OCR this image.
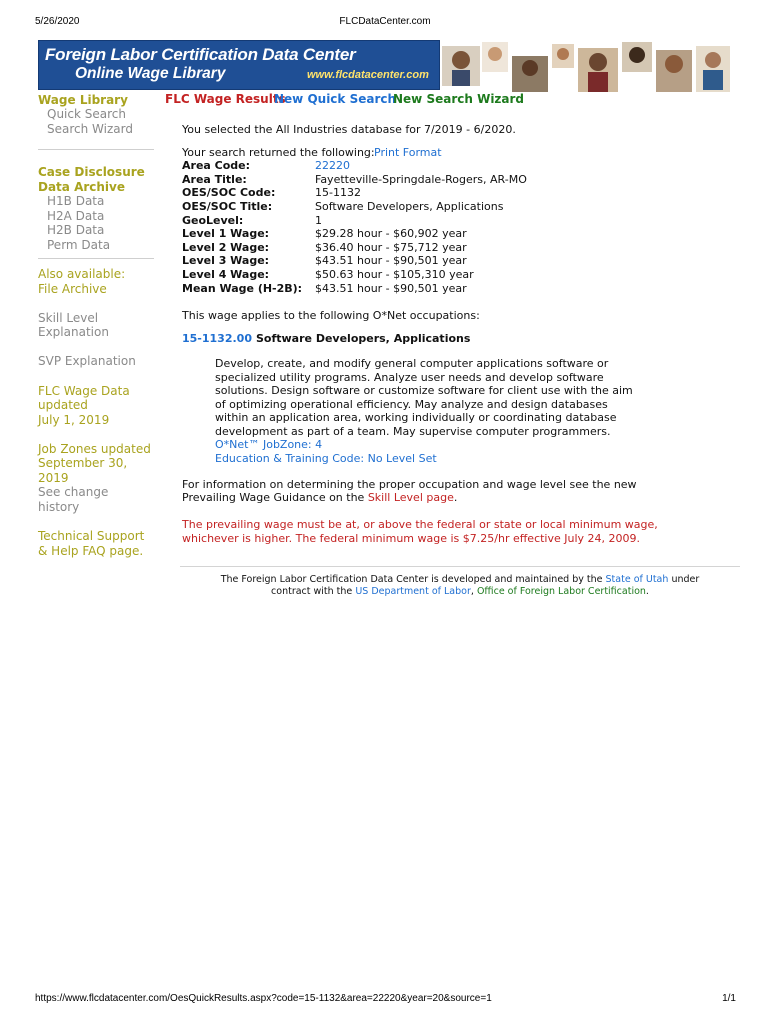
5/26/2020	FLCDataCenter.com
Foreign Labor Certification Data Center
Online Wage Library	www.flcdatacenter.com
Wage Library
Quick Search
Search Wizard
Case Disclosure
Data Archive
H1B Data
H2A Data
H2B Data
Perm Data
Also available:
File Archive
Skill Level
Explanation
SVP Explanation
FLC Wage Data
updated
July 1, 2019
Job Zones updated
September 30,
2019
See change
history
Technical Support
& Help FAQ page.
FLC Wage Results
New Quick Search
New Search Wizard
You selected the All Industries database for 7/2019 - 6/2020.
Your search returned the following: Print Format
Area Code:	22220
Area Title:	Fayetteville-Springdale-Rogers, AR-MO
OES/SOC Code:	15-1132
OES/SOC Title:	Software Developers, Applications
GeoLevel:	1
Level 1 Wage:	$29.28 hour - $60,902 year
Level 2 Wage:	$36.40 hour - $75,712 year
Level 3 Wage:	$43.51 hour - $90,501 year
Level 4 Wage:	$50.63 hour - $105,310 year
Mean Wage (H-2B): $43.51 hour - $90,501 year
This wage applies to the following O*Net occupations:
15-1132.00 Software Developers, Applications
Develop, create, and modify general computer applications software or
specialized utility programs. Analyze user needs and develop software
solutions. Design software or customize software for client use with the aim
of optimizing operational efficiency. May analyze and design databases
within an application area, working individually or coordinating database
development as part of a team. May supervise computer programmers.
O*Net™ JobZone: 4
Education & Training Code: No Level Set
For information on determining the proper occupation and wage level see the new
Prevailing Wage Guidance on the Skill Level page.
The prevailing wage must be at, or above the federal or state or local minimum wage,
whichever is higher. The federal minimum wage is $7.25/hr effective July 24, 2009.
The Foreign Labor Certification Data Center is developed and maintained by the State of Utah under
contract with the US Department of Labor, Office of Foreign Labor Certification.
https://www.flcdatacenter.com/OesQuickResults.aspx?code=15-1132&area=22220&year=20&source=1	1/1
